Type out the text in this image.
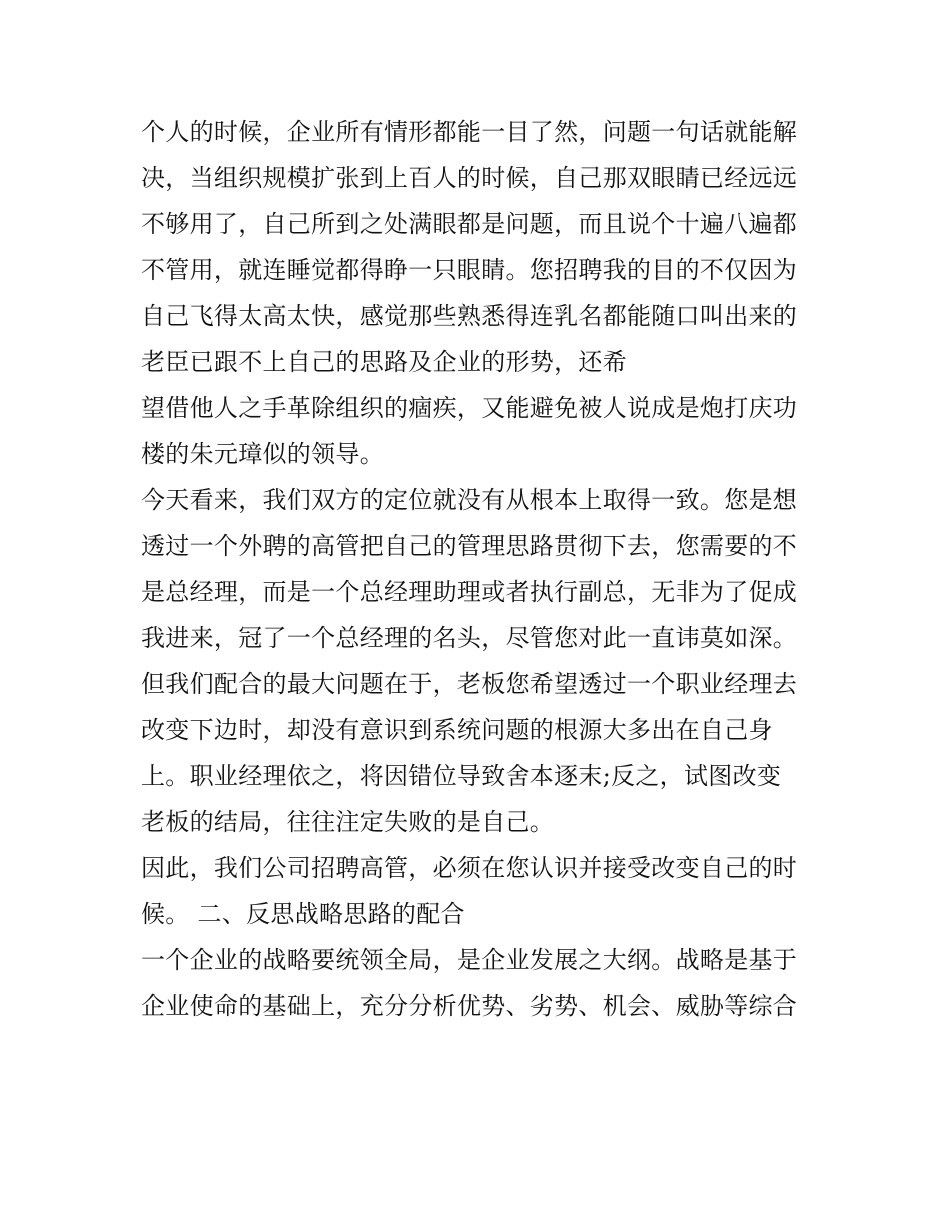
个人的时候，企业所有情形都能一目了然，问题一句话就能解
决，当组织规模扩张到上百人的时候，自己那双眼睛已经远远
不够用了，自己所到之处满眼都是问题，而且说个十遍八遍都
不管用，就连睡觉都得睁一只眼睛。您招聘我的目的不仅因为
自己飞得太高太快，感觉那些熟悉得连乳名都能随口叫出来的
老臣已跟不上自己的思路及企业的形势，还希
望借他人之手革除组织的痼疾，又能避免被人说成是炮打庆功
楼的朱元璋似的领导。
今天看来，我们双方的定位就没有从根本上取得一致。您是想
透过一个外聘的高管把自己的管理思路贯彻下去，您需要的不
是总经理，而是一个总经理助理或者执行副总，无非为了促成
我进来，冠了一个总经理的名头，尽管您对此一直讳莫如深。
但我们配合的最大问题在于，老板您希望透过一个职业经理去
改变下边时，却没有意识到系统问题的根源大多出在自己身
上。职业经理依之，将因错位导致舍本逐末;反之，试图改变
老板的结局，往往注定失败的是自己。
因此，我们公司招聘高管，必须在您认识并接受改变自己的时
候。 二、反思战略思路的配合
一个企业的战略要统领全局，是企业发展之大纲。战略是基于
企业使命的基础上，充分分析优势、劣势、机会、威胁等综合
